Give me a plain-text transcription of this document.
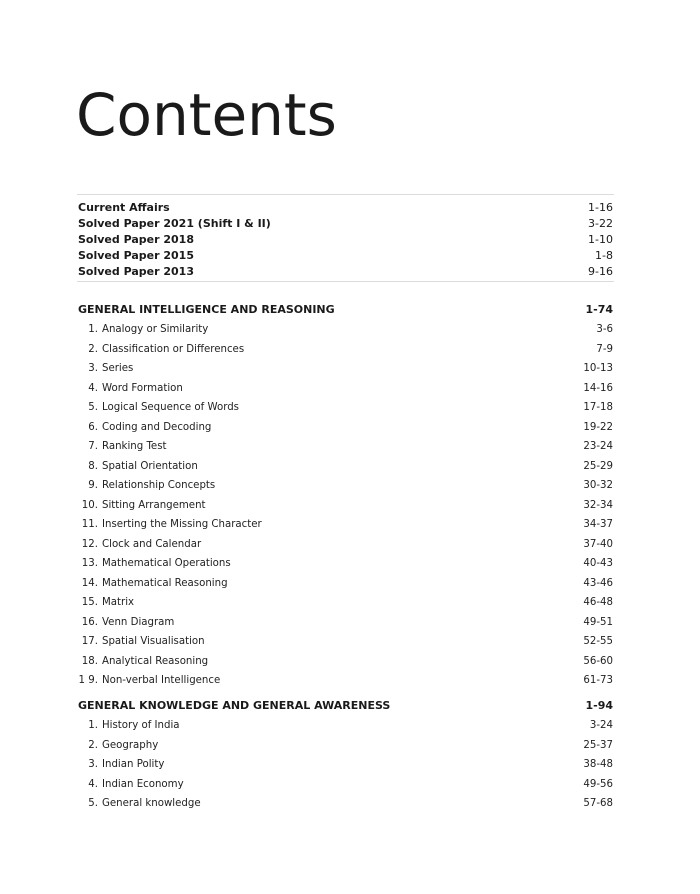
Contents
Current Affairs	1-16
Solved Paper 2021 (Shift I & II)	3-22
Solved Paper 2018	1-10
Solved Paper 2015	1-8
Solved Paper 2013	9-16
GENERAL INTELLIGENCE AND REASONING	1-74
1. Analogy or Similarity	3-6
2. Classification or Differences	7-9
3. Series	10-13
4. Word Formation	14-16
5. Logical Sequence of Words	17-18
6. Coding and Decoding	19-22
7. Ranking Test	23-24
8. Spatial Orientation	25-29
9. Relationship Concepts	30-32
10. Sitting Arrangement	32-34
11. Inserting the Missing Character	34-37
12. Clock and Calendar	37-40
13. Mathematical Operations	40-43
14. Mathematical Reasoning	43-46
15. Matrix	46-48
16. Venn Diagram	49-51
17. Spatial Visualisation	52-55
18. Analytical Reasoning	56-60
1 9. Non-verbal Intelligence	61-73
GENERAL KNOWLEDGE AND GENERAL AWARENESS	1-94
1. History of India	3-24
2. Geography	25-37
3. Indian Polity	38-48
4. Indian Economy	49-56
5. General knowledge	57-68
